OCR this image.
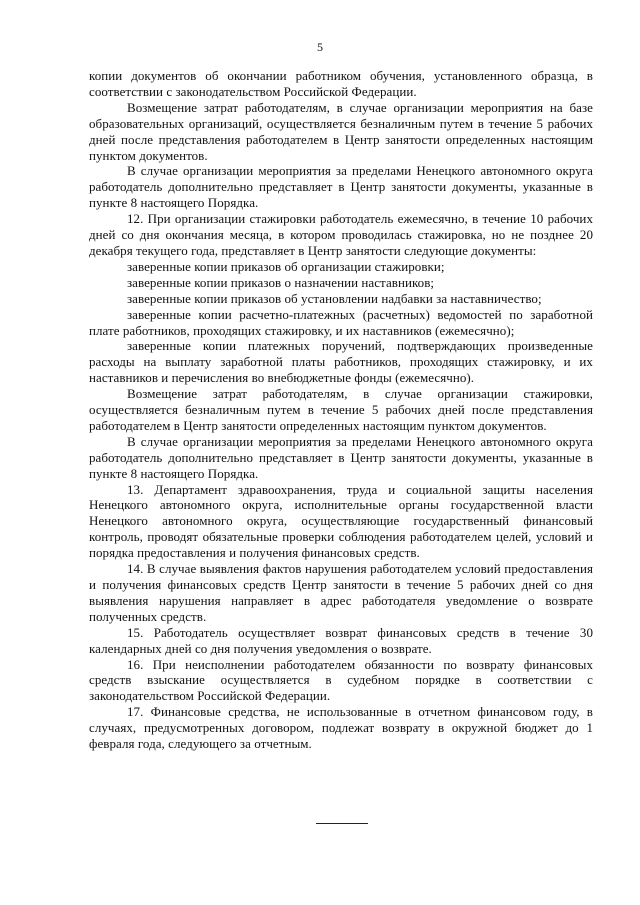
5

копии документов об окончании работником обучения, установленного образца, в соответствии с законодательством Российской Федерации.

Возмещение затрат работодателям, в случае организации мероприятия на базе образовательных организаций, осуществляется безналичным путем в течение 5 рабочих дней после представления работодателем в Центр занятости определенных настоящим пунктом документов.

В случае организации мероприятия за пределами Ненецкого автономного округа работодатель дополнительно представляет в Центр занятости документы, указанные в пункте 8 настоящего Порядка.

12. При организации стажировки работодатель ежемесячно, в течение 10 рабочих дней со дня окончания месяца, в котором проводилась стажировка, но не позднее 20 декабря текущего года, представляет в Центр занятости следующие документы:

заверенные копии приказов об организации стажировки;

заверенные копии приказов о назначении наставников;

заверенные копии приказов об установлении надбавки за наставничество;

заверенные копии расчетно-платежных (расчетных) ведомостей по заработной плате работников, проходящих стажировку, и их наставников (ежемесячно);

заверенные копии платежных поручений, подтверждающих произведенные расходы на выплату заработной платы работников, проходящих стажировку, и их наставников и перечисления во внебюджетные фонды (ежемесячно).

Возмещение затрат работодателям, в случае организации стажировки, осуществляется безналичным путем в течение 5 рабочих дней после представления работодателем в Центр занятости определенных настоящим пунктом документов.

В случае организации мероприятия за пределами Ненецкого автономного округа работодатель дополнительно представляет в Центр занятости документы, указанные в пункте 8 настоящего Порядка.

13. Департамент здравоохранения, труда и социальной защиты населения Ненецкого автономного округа, исполнительные органы государственной власти Ненецкого автономного округа, осуществляющие государственный финансовый контроль, проводят обязательные проверки соблюдения работодателем целей, условий и порядка предоставления и получения финансовых средств.

14. В случае выявления фактов нарушения работодателем условий предоставления и получения финансовых средств Центр занятости в течение 5 рабочих дней со дня выявления нарушения направляет в адрес работодателя уведомление о возврате полученных средств.

15. Работодатель осуществляет возврат финансовых средств в течение 30 календарных дней со дня получения уведомления о возврате.

16. При неисполнении работодателем обязанности по возврату финансовых средств взыскание осуществляется в судебном порядке в соответствии с законодательством Российской Федерации.

17. Финансовые средства, не использованные в отчетном финансовом году, в случаях, предусмотренных договором, подлежат возврату в окружной бюджет до 1 февраля года, следующего за отчетным.
